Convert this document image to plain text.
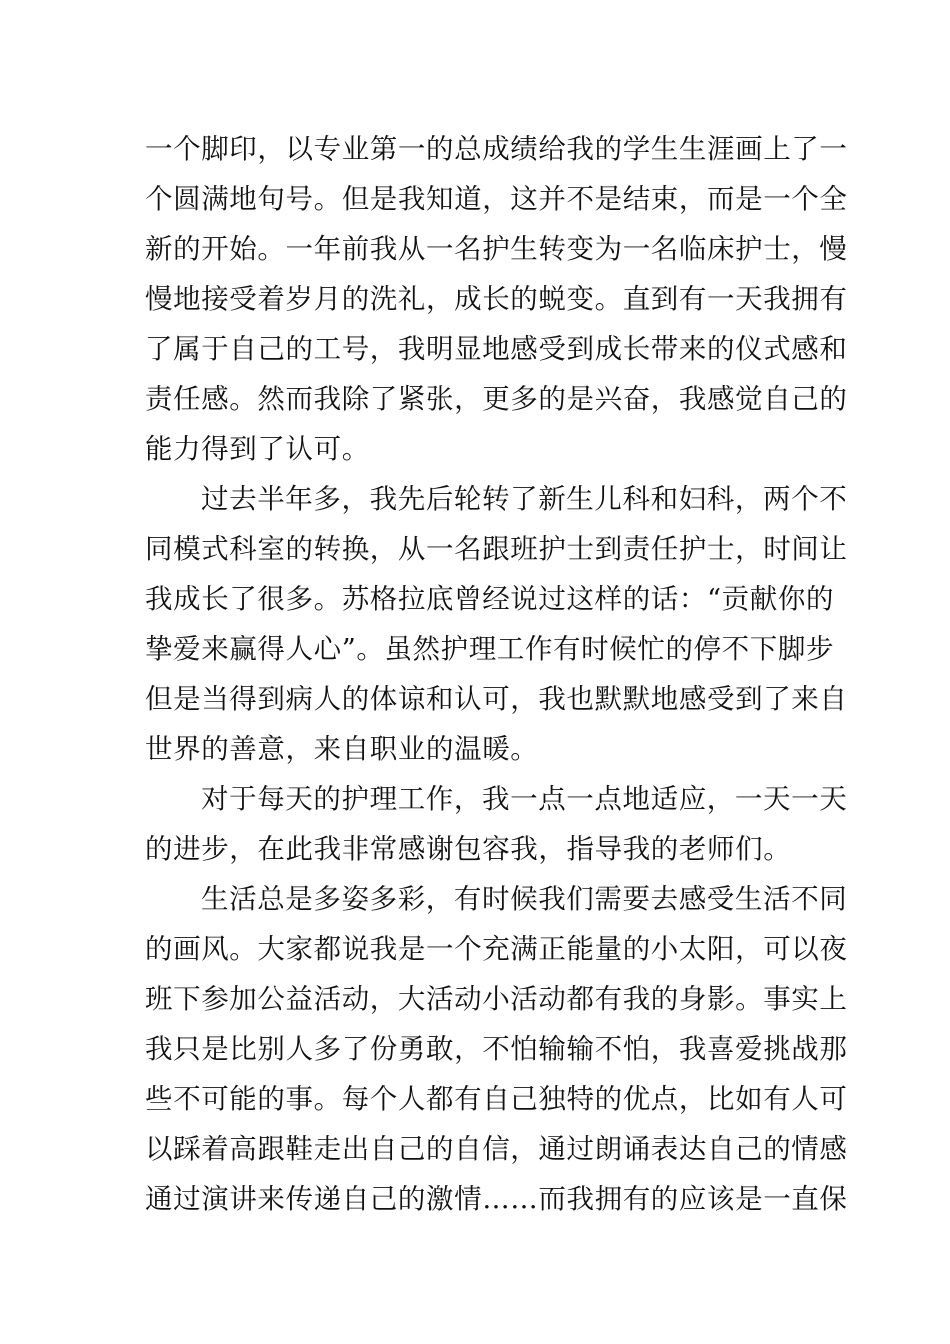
一个脚印，以专业第一的总成绩给我的学生生涯画上了一
个圆满地句号。但是我知道，这并不是结束，而是一个全
新的开始。一年前我从一名护生转变为一名临床护士，慢
慢地接受着岁月的洗礼，成长的蜕变。直到有一天我拥有
了属于自己的工号，我明显地感受到成长带来的仪式感和
责任感。然而我除了紧张，更多的是兴奋，我感觉自己的
能力得到了认可。
过去半年多，我先后轮转了新生儿科和妇科，两个不
同模式科室的转换，从一名跟班护士到责任护士，时间让
我成长了很多。苏格拉底曾经说过这样的话：“贡献你的
挚爱来赢得人心”。虽然护理工作有时候忙的停不下脚步
但是当得到病人的体谅和认可，我也默默地感受到了来自
世界的善意，来自职业的温暖。
对于每天的护理工作，我一点一点地适应，一天一天
的进步，在此我非常感谢包容我，指导我的老师们。
生活总是多姿多彩，有时候我们需要去感受生活不同
的画风。大家都说我是一个充满正能量的小太阳，可以夜
班下参加公益活动，大活动小活动都有我的身影。事实上
我只是比别人多了份勇敢，不怕输输不怕，我喜爱挑战那
些不可能的事。每个人都有自己独特的优点，比如有人可
以踩着高跟鞋走出自己的自信，通过朗诵表达自己的情感
通过演讲来传递自己的激情……而我拥有的应该是一直保
